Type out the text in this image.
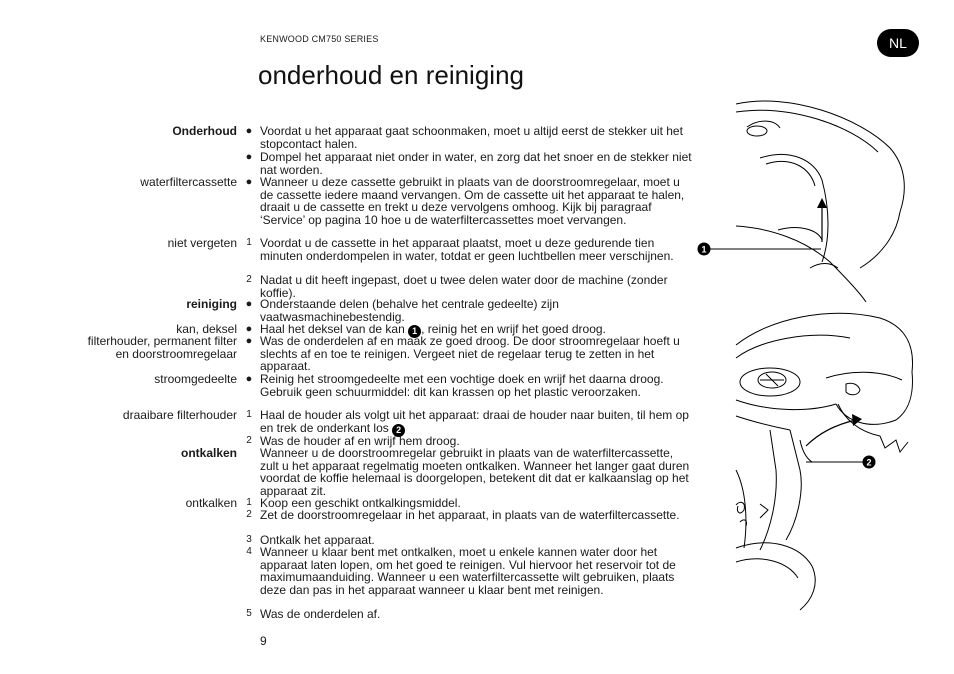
KENWOOD CM750 SERIES	NL
onderhoud en reiniging
Onderhoud
waterfiltercassette
niet vergeten
reiniging
kan, deksel
filterhouder, permanent filter
en doorstroomregelaar
stroomgedeelte
draaibare filterhouder
ontkalken
ontkalken
●
●
●
1
2
●
●
●
●
1
2
1
2
3
4
5
Voordat u het apparaat gaat schoonmaken, moet u altijd eerst de stekker uit het stopcontact halen.
Dompel het apparaat niet onder in water, en zorg dat het snoer en de stekker niet nat worden.
Wanneer u deze cassette gebruikt in plaats van de doorstroomregelaar, moet u de cassette iedere maand vervangen. Om de cassette uit het apparaat te halen, draait u de cassette en trekt u deze vervolgens omhoog. Kijk bij paragraaf ‘Service’ op pagina 10 hoe u de waterfiltercassettes moet vervangen.
Voordat u de cassette in het apparaat plaatst, moet u deze gedurende tien minuten onderdompelen in water, totdat er geen luchtbellen meer verschijnen.
Nadat u dit heeft ingepast, doet u twee delen water door de machine (zonder koffie).
Onderstaande delen (behalve het centrale gedeelte) zijn vaatwasmachinebestendig.
Haal het deksel van de kan 1 , reinig het en wrijf het goed droog.
Was de onderdelen af en maak ze goed droog. De door stroomregelaar hoeft u slechts af en toe te reinigen. Vergeet niet de regelaar terug te zetten in het apparaat.
Reinig het stroomgedeelte met een vochtige doek en wrijf het daarna droog. Gebruik geen schuurmiddel: dit kan krassen op het plastic veroorzaken.
Haal de houder als volgt uit het apparaat: draai de houder naar buiten, til hem op en trek de onderkant los 2
Was de houder af en wrijf hem droog.
Wanneer u de doorstroomregelar gebruikt in plaats van de waterfiltercassette, zult u het apparaat regelmatig moeten ontkalken. Wanneer het langer gaat duren voordat de koffie helemaal is doorgelopen, betekent dit dat er kalkaanslag op het apparaat zit.
Koop een geschikt ontkalkingsmiddel.
Zet de doorstroomregelaar in het apparaat, in plaats van de waterfiltercassette.
Ontkalk het apparaat.
Wanneer u klaar bent met ontkalken, moet u enkele kannen water door het apparaat laten lopen, om het goed te reinigen. Vul hiervoor het reservoir tot de maximumaanduiding. Wanneer u een waterfiltercassette wilt gebruiken, plaats deze dan pas in het apparaat wanneer u klaar bent met reinigen.
Was de onderdelen af.
9
1
2
